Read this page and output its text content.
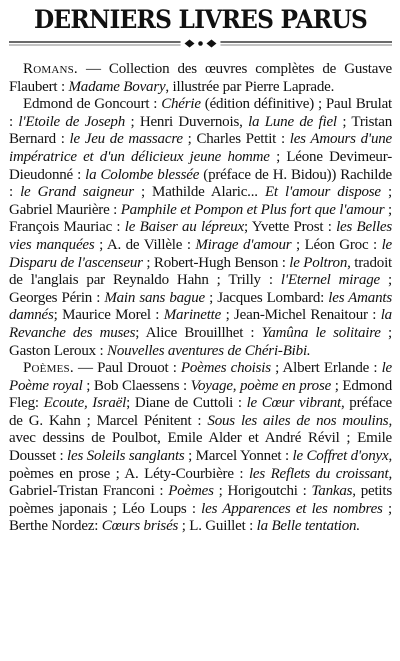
DERNIERS LIVRES PARUS

Romans. — Collection des œuvres complètes de Gustave Flaubert : Madame Bovary, illustrée par Pierre Laprade.

Edmond de Goncourt : Chérie (édition définitive) ; Paul Brulat : l'Etoile de Joseph ; Henri Duvernois, la Lune de fiel ; Tristan Bernard : le Jeu de massacre ; Charles Pettit : les Amours d'une impératrice et d'un délicieux jeune homme ; Léone Devimeur-Dieudonné : la Colombe blessée (préface de H. Bidou)) Rachilde : le Grand saigneur ; Mathilde Alaric... Et l'amour dispose ; Gabriel Maurière : Pamphile et Pompon et Plus fort que l'amour ; François Mauriac : le Baiser au lépreux; Yvette Prost : les Belles vies manquées ; A. de Villèle : Mirage d'amour ; Léon Groc : le Disparu de l'ascenseur ; Robert-Hugh Benson : le Poltron, tradoit de l'anglais par Reynaldo Hahn ; Trilly : l'Eternel mirage ; Georges Périn : Main sans bague ; Jacques Lombard: les Amants damnés; Maurice Morel : Marinette ; Jean-Michel Renaitour : la Revanche des muses; Alice Brouillhet : Yamûna le solitaire ; Gaston Leroux : Nouvelles aventures de Chéri-Bibi.

Poèmes. — Paul Drouot : Poèmes choisis ; Albert Erlande : le Poème royal ; Bob Claessens : Voyage, poème en prose ; Edmond Fleg: Ecoute, Israël; Diane de Cuttoli : le Cœur vibrant, préface de G. Kahn ; Marcel Pénitent : Sous les ailes de nos moulins, avec dessins de Poulbot, Emile Alder et André Révil ; Emile Dousset : les Soleils sanglants ; Marcel Yonnet : le Coffret d'onyx, poèmes en prose ; A. Léty-Courbière : les Reflets du croissant, Gabriel-Tristan Franconi : Poèmes ; Horigoutchi : Tankas, petits poèmes japonais ; Léo Loups : les Apparences et les nombres ; Berthe Nordez: Cœurs brisés ; L. Guillet : la Belle tentation.
